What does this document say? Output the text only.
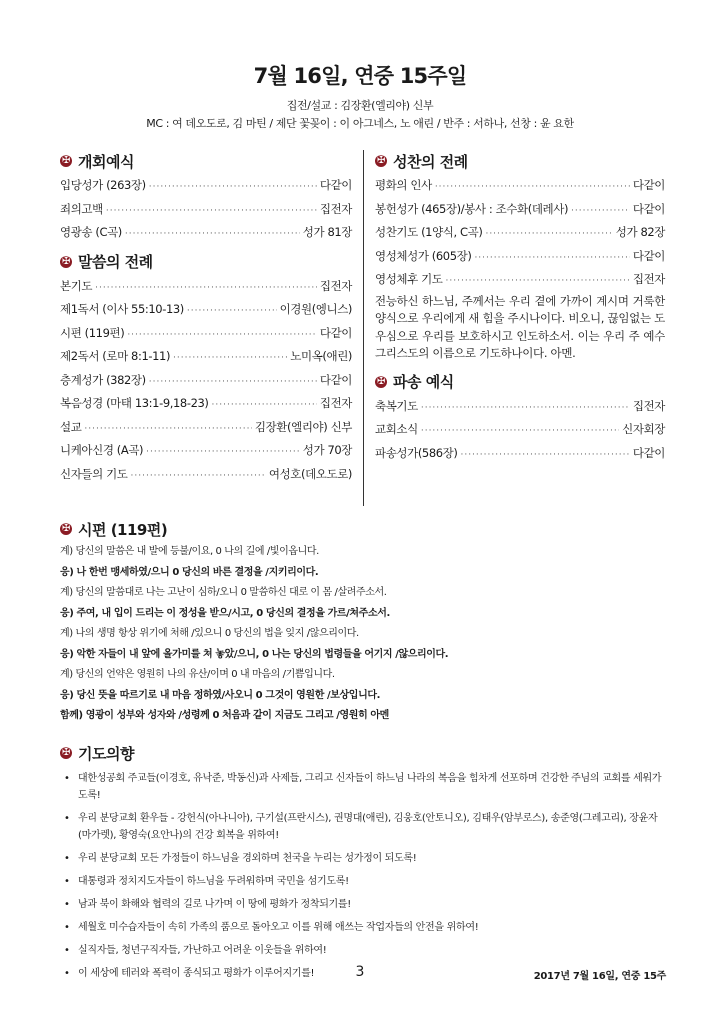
7월 16일, 연중 15주일
집전/설교 : 김장환(엘리야) 신부
MC : 여 데오도로, 김 마틴 / 제단 꽃꽂이 : 이 아그네스, 노 애린 / 반주 : 서하나, 선창 : 윤 요한
✠ 개회예식
입당성가 (263장) ·····	다같이
죄의고백 ·····	집전자
영광송 (C곡) ·····	성가 81장
✠ 말씀의 전례
본기도 ·····	집전자
제1독서 (이사 55:10-13) ·····	이경원(엥니스)
시편 (119편) ·····	다같이
제2독서 (로마 8:1-11) ·····	노미옥(애린)
층계성가 (382장) ·····	다같이
복음성경 (마태 13:1-9,18-23) ·····	집전자
설교 ·····	김장환(엘리야) 신부
니케아신경 (A곡) ·····	성가 70장
신자들의 기도 ·····	여성호(데오도로)
✠ 성찬의 전례
평화의 인사 ·····	다같이
봉헌성가 (465장)/봉사 : 조수화(데레사) ·····	다같이
성찬기도 (1양식, C곡) ·····	성가 82장
영성체성가 (605장) ·····	다같이
영성체후 기도 ·····	집전자
전능하신 하느님, 주께서는 우리 곁에 가까이 계시며 거룩한 양식으로 우리에게 새 힘을 주시나이다. 비오니, 끊임없는 도우심으로 우리를 보호하시고 인도하소서. 이는 우리 주 예수 그리스도의 이름으로 기도하나이다. 아멘.
✠ 파송 예식
축복기도 ·····	집전자
교회소식 ·····	신자회장
파송성가(586장) ·····	다같이
✠ 시편 (119편)
계) 당신의 말씀은 내 발에 등불/이요, 0 나의 길에 /빛이옵니다.
응) 나 한번 맹세하였/으니 0 당신의 바른 결정을 /지키리이다.
계) 당신의 말씀대로 나는 고난이 심하/오니 0 말씀하신 대로 이 몸 /살려주소서.
응) 주여, 내 입이 드리는 이 정성을 받으/시고, 0 당신의 결정을 가르/쳐주소서.
계) 나의 생명 항상 위기에 처해 /있으니 0 당신의 법을 잊지 /않으리이다.
응) 악한 자들이 내 앞에 올가미를 쳐 놓았/으니, 0 나는 당신의 법령들을 어기지 /않으리이다.
계) 당신의 언약은 영원히 나의 유산/이며 0 내 마음의 /기쁨입니다.
응) 당신 뜻을 따르기로 내 마음 정하였/사오니 0 그것이 영원한 /보상입니다.
함께) 영광이 성부와 성자와 /성령께 0 처음과 같이 지금도 그리고 /영원히 아멘
✠ 기도의향
• 대한성공회 주교들(이경호, 유낙준, 박동신)과 사제들, 그리고 신자들이 하느님 나라의 복음을 힘차게 선포하며 건강한 주님의 교회를 세워가도록!
• 우리 분당교회 환우들 - 강헌식(아나니아), 구기설(프란시스), 권명대(애린), 김웅호(안토니오), 김태우(암부로스), 송준영(그레고리), 장윤자(마가렛), 황영숙(요안나)의 건강 회복을 위하여!
• 우리 분당교회 모든 가정들이 하느님을 경외하며 천국을 누리는 성가정이 되도록!
• 대통령과 정치지도자들이 하느님을 두려워하며 국민을 섬기도록!
• 남과 북이 화해와 협력의 길로 나가며 이 땅에 평화가 정착되기를!
• 세월호 미수습자들이 속히 가족의 품으로 돌아오고 이를 위해 애쓰는 작업자들의 안전을 위하여!
• 실직자들, 청년구직자들, 가난하고 어려운 이웃들을 위하여!
• 이 세상에 테러와 폭력이 종식되고 평화가 이루어지기를!	3	2017년 7월 16일, 연중 15주
